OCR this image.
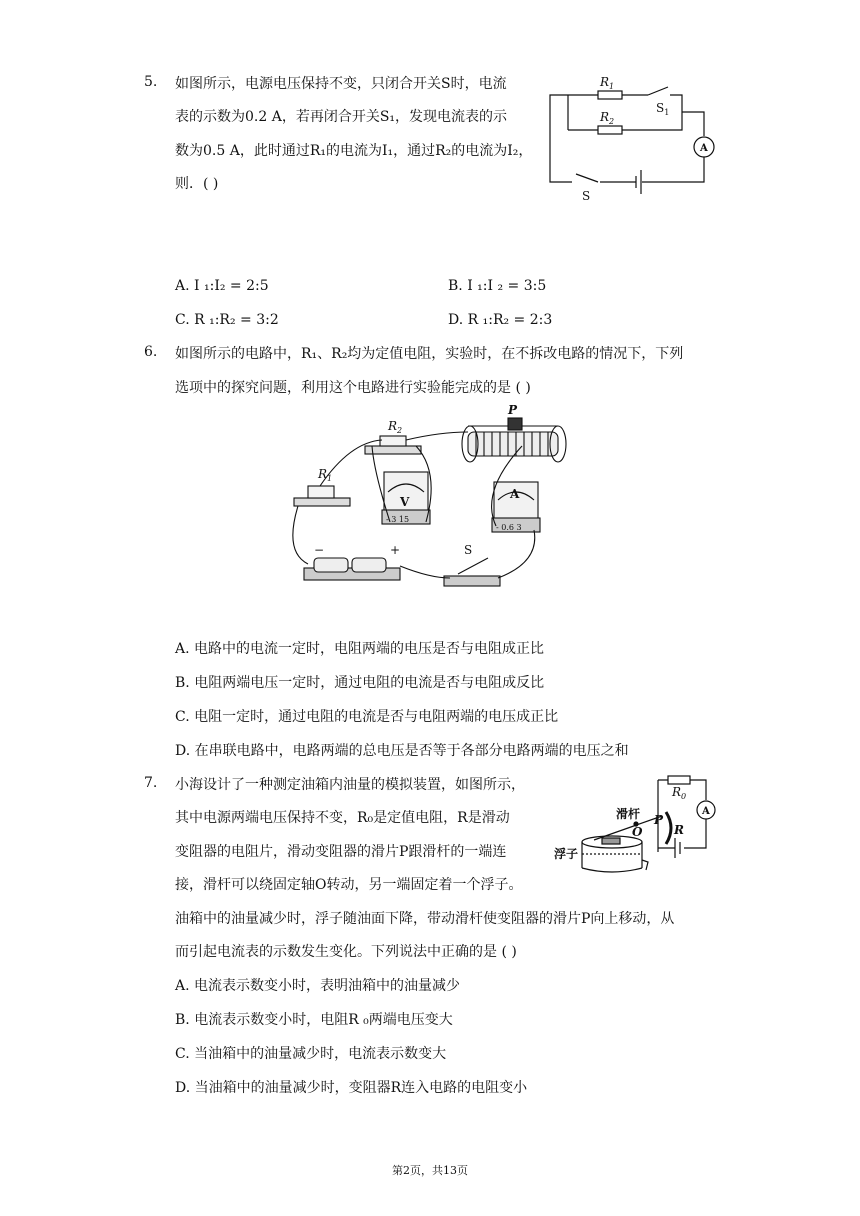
5. 如图所示，电源电压保持不变，只闭合开关S时，电流
表的示数为0.2 A，若再闭合开关S₁，发现电流表的示
数为0.5 A，此时通过R₁的电流为I₁，通过R₂的电流为I₂，
则．( )
$R_1$
$R_2$
$S_1$
S
A
A. I ₁:I₂ = 2:5	B. I ₁:I ₂ = 3:5
C. R ₁:R₂ = 3:2	D. R ₁:R₂ = 2:3
6. 如图所示的电路中，R₁、R₂均为定值电阻，实验时，在不拆改电路的情况下，下列
选项中的探究问题，利用这个电路进行实验能完成的是 ( )
$R_2$
$R_1$
P
V
- 3 15
A
- 0.6 3
S
−	+
A. 电路中的电流一定时，电阻两端的电压是否与电阻成正比
B. 电阻两端电压一定时，通过电阻的电流是否与电阻成反比
C. 电阻一定时，通过电阻的电流是否与电阻两端的电压成正比
D. 在串联电路中，电路两端的总电压是否等于各部分电路两端的电压之和
7. 小海设计了一种测定油箱内油量的模拟装置，如图所示，
其中电源两端电压保持不变，R₀是定值电阻，R是滑动
变阻器的电阻片，滑动变阻器的滑片P跟滑杆的一端连
接，滑杆可以绕固定轴O转动，另一端固定着一个浮子。
油箱中的油量减少时，浮子随油面下降，带动滑杆使变阻器的滑片P向上移动，从
而引起电流表的示数发生变化。下列说法中正确的是 ( )
$R_0$
A
滑杆 P
R
O
浮子
A. 电流表示数变小时，表明油箱中的油量减少
B. 电流表示数变小时，电阻R ₀两端电压变大
C. 当油箱中的油量减少时，电流表示数变大
D. 当油箱中的油量减少时，变阻器R连入电路的电阻变小
第2页，共13页
